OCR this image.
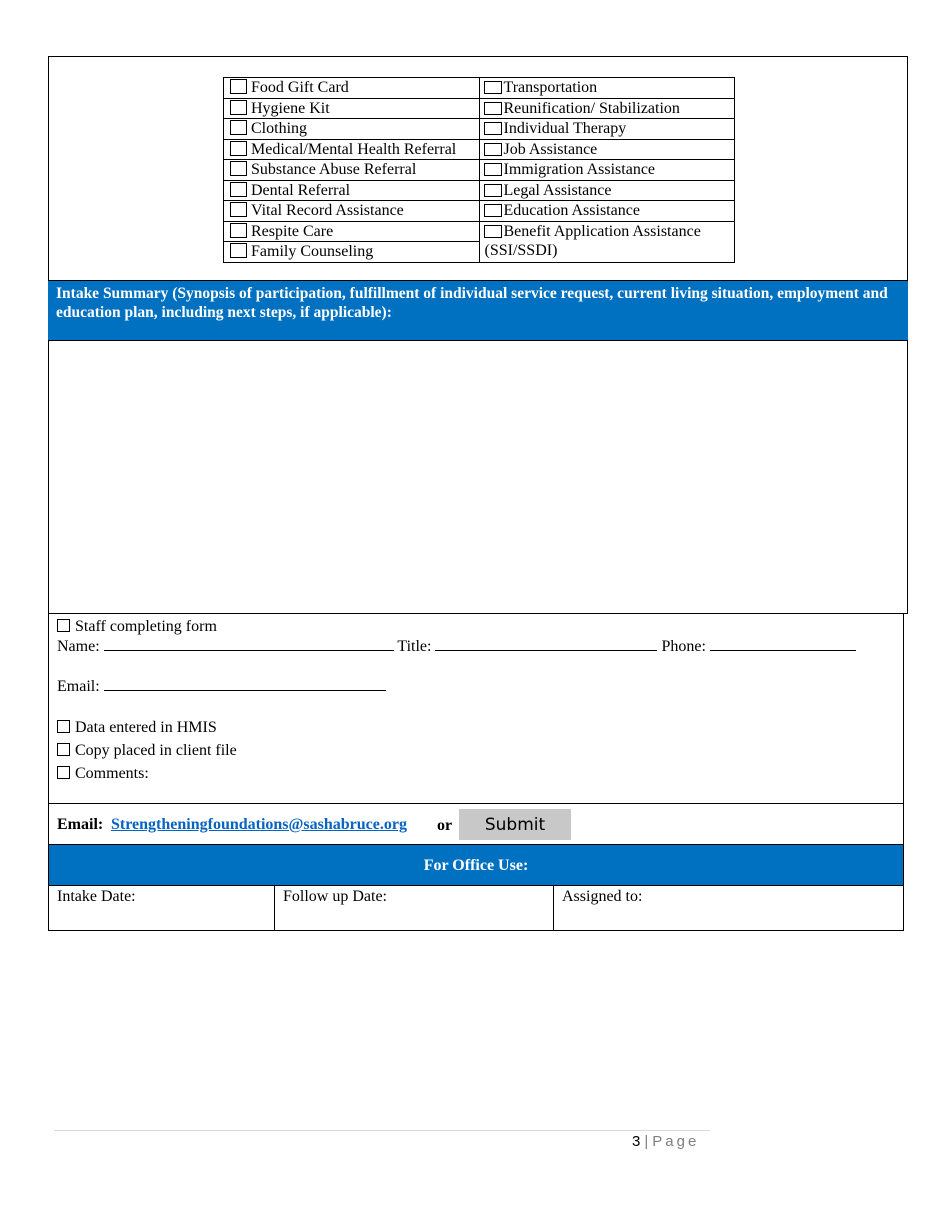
Food Gift Card	Transportation
Hygiene Kit	Reunification/ Stabilization
Clothing	Individual Therapy
Medical/Mental Health Referral	Job Assistance
Substance Abuse Referral	Immigration Assistance
Dental Referral	Legal Assistance
Vital Record Assistance	Education Assistance
Respite Care	Benefit Application Assistance
(SSI/SSDI)

Family Counseling	
Intake Summary (Synopsis of participation, fulfillment of individual service request, current living situation, employment and education plan, including next steps, if applicable):
Staff completing form
Name:	Title:	Phone:
Email:
Data entered in HMIS
Copy placed in client file
Comments:
Email: Strengtheningfoundations@sashabruce.org or	Submit
For Office Use:
Intake Date:	Follow up Date:	Assigned to:
3 | Page
